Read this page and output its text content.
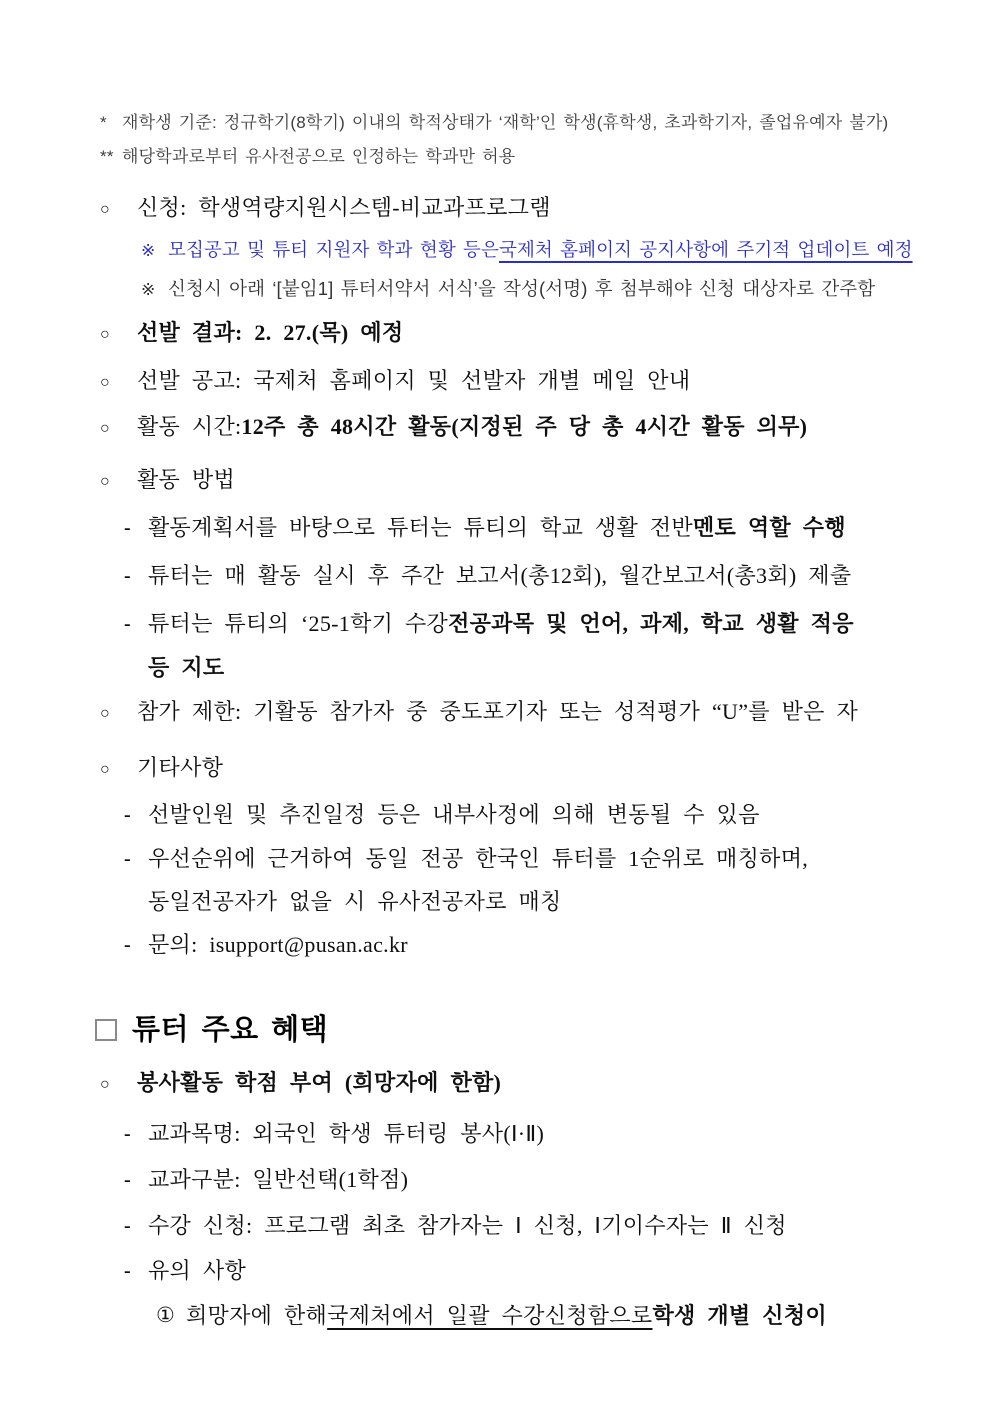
* 재학생 기준: 정규학기(8학기) 이내의 학적상태가 ‘재학’인 학생(휴학생, 초과학기자, 졸업유예자 불가)
** 해당학과로부터 유사전공으로 인정하는 학과만 허용
○	신청: 학생역량지원시스템-비교과프로그램
※ 모집공고 및 튜티 지원자 학과 현황 등은 국제처 홈페이지 공지사항에 주기적 업데이트 예정
※ 신청시 아래 ‘[붙임1] 튜터서약서 서식’을 작성(서명) 후 첨부해야 신청 대상자로 간주함
○	선발 결과: 2. 27.(목) 예정
○	선발 공고: 국제처 홈페이지 및 선발자 개별 메일 안내
○	활동 시간: 12주 총 48시간 활동(지정된 주 당 총 4시간 활동 의무)
○	활동 방법
- 활동계획서를 바탕으로 튜터는 튜티의 학교 생활 전반 멘토 역할 수행
- 튜터는 매 활동 실시 후 주간 보고서(총12회), 월간보고서(총3회) 제출
- 튜터는 튜티의 ‘25-1학기 수강 전공과목 및 언어, 과제, 학교 생활 적응
등 지도
○	참가 제한: 기활동 참가자 중 중도포기자 또는 성적평가 “U”를 받은 자
○	기타사항
- 선발인원 및 추진일정 등은 내부사정에 의해 변동될 수 있음
- 우선순위에 근거하여 동일 전공 한국인 튜터를 1순위로 매칭하며,
동일전공자가 없을 시 유사전공자로 매칭
- 문의: isupport@pusan.ac.kr
튜터 주요 혜택
○	봉사활동 학점 부여 (희망자에 한함)
- 교과목명: 외국인 학생 튜터링 봉사(Ⅰ·Ⅱ)
- 교과구분: 일반선택(1학점)
- 수강 신청: 프로그램 최초 참가자는 Ⅰ 신청, Ⅰ기이수자는 Ⅱ 신청
- 유의 사항
① 희망자에 한해 국제처에서 일괄 수강신청함으로 학생 개별 신청이
